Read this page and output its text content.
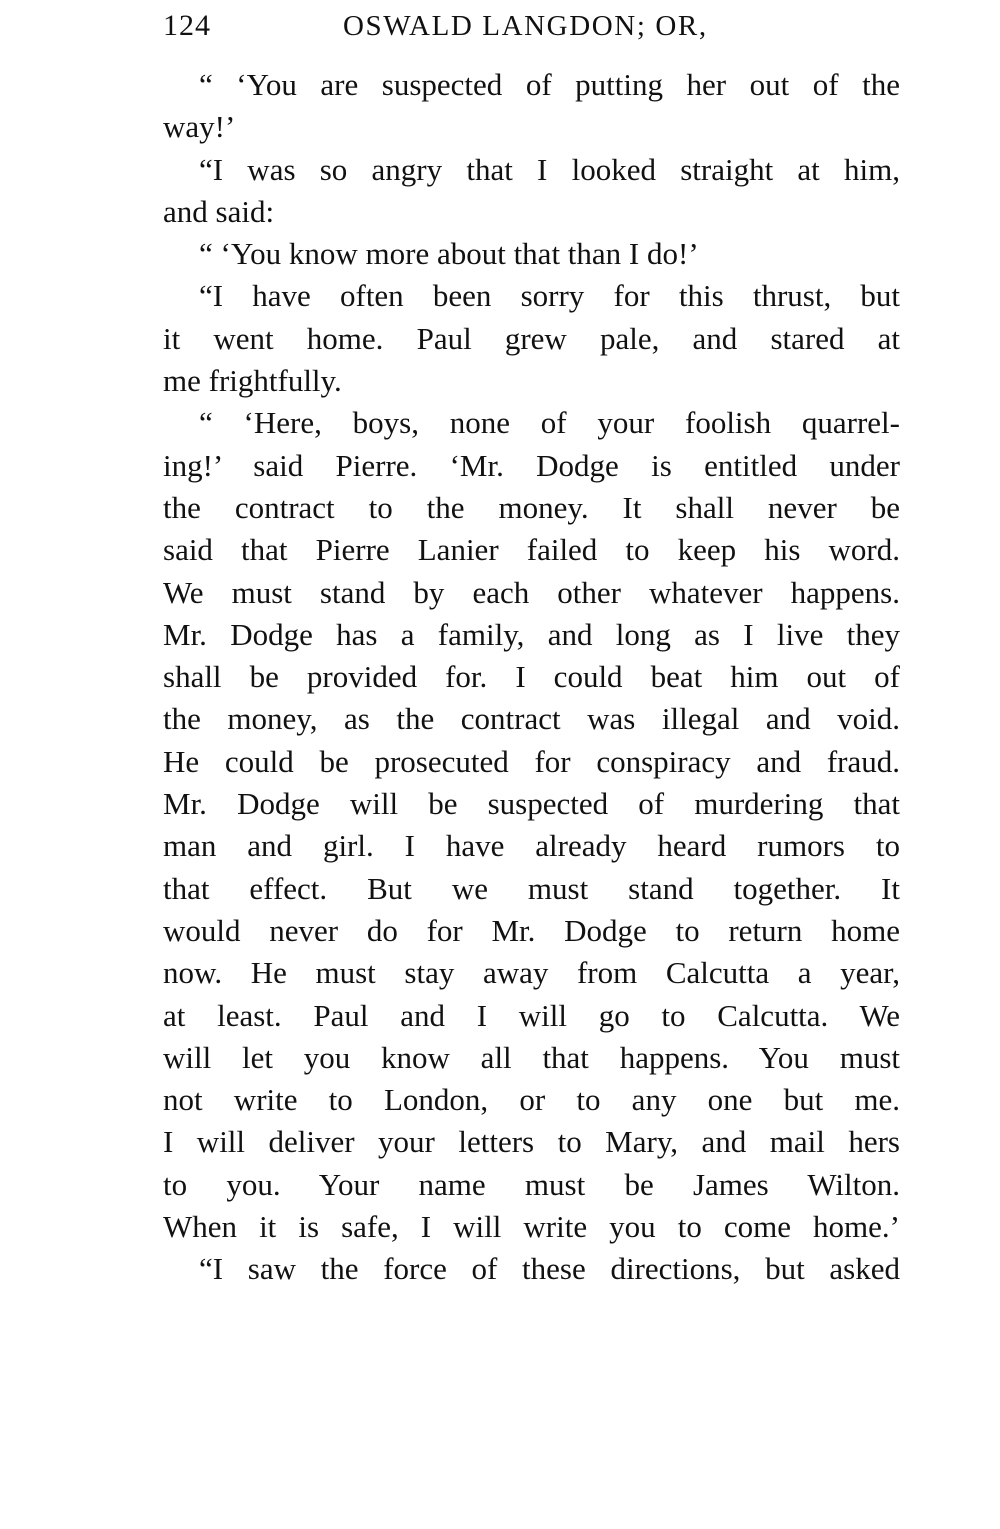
124	OSWALD LANGDON; OR,
“ ‘You are suspected of putting her out of the
way!’
“I was so angry that I looked straight at him,
and said:
“ ‘You know more about that than I do!’
“I have often been sorry for this thrust, but
it went home. Paul grew pale, and stared at
me frightfully.
“ ‘Here, boys, none of your foolish quarrel-
ing!’ said Pierre. ‘Mr. Dodge is entitled under
the contract to the money. It shall never be
said that Pierre Lanier failed to keep his word.
We must stand by each other whatever happens.
Mr. Dodge has a family, and long as I live they
shall be provided for. I could beat him out of
the money, as the contract was illegal and void.
He could be prosecuted for conspiracy and fraud.
Mr. Dodge will be suspected of murdering that
man and girl. I have already heard rumors to
that effect. But we must stand together. It
would never do for Mr. Dodge to return home
now. He must stay away from Calcutta a year,
at least. Paul and I will go to Calcutta. We
will let you know all that happens. You must
not write to London, or to any one but me.
I will deliver your letters to Mary, and mail hers
to you. Your name must be James Wilton.
When it is safe, I will write you to come home.’
“I saw the force of these directions, but asked
